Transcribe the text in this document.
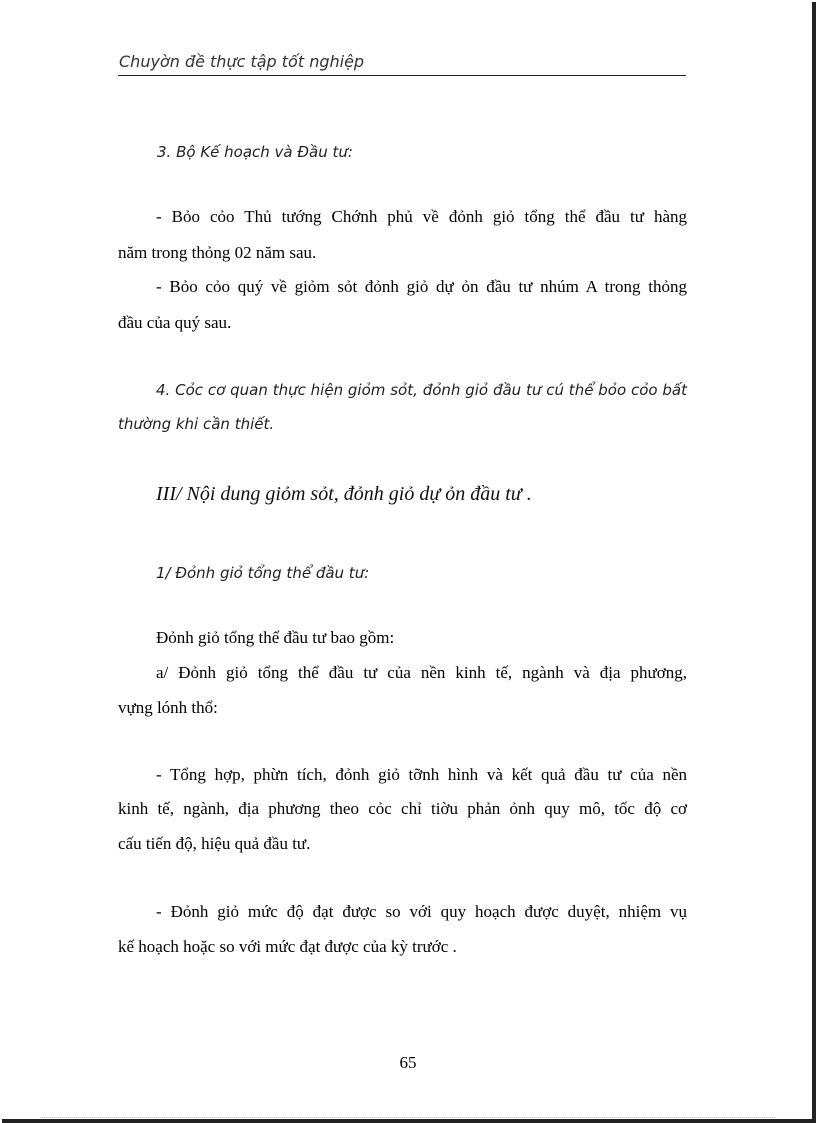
Chuyờn đề thực tập tốt nghiệp
3. Bộ Kế hoạch và Đầu tư:
- Bỏo cỏo Thủ tướng Chớnh phủ về đỏnh giỏ tổng thể đầu tư hàng
năm trong thỏng 02 năm sau.
- Bỏo cỏo quý về giỏm sỏt đỏnh giỏ dự ỏn đầu tư nhúm A trong thỏng
đầu của quý sau.
4. Cỏc cơ quan thực hiện giỏm sỏt, đỏnh giỏ đầu tư cú thể bỏo cỏo bất
thường khi cần thiết.
III/ Nội dung giỏm sỏt, đỏnh giỏ dự ỏn đầu tư .
1/ Đỏnh giỏ tổng thể đầu tư:
Đỏnh giỏ tổng thể đầu tư bao gồm:
a/ Đỏnh giỏ tổng thể đầu tư của nền kinh tế, ngành và địa phương,
vựng lónh thổ:
- Tổng hợp, phừn tích, đỏnh giỏ tỡnh hình và kết quả đầu tư của nền
kinh tế, ngành, địa phương theo cỏc chỉ tiờu phản ỏnh quy mô, tốc độ cơ
cấu tiến độ, hiệu quả đầu tư.
- Đỏnh giỏ mức độ đạt được so với quy hoạch được duyệt, nhiệm vụ
kế hoạch hoặc so với mức đạt được của kỳ trước .
65
